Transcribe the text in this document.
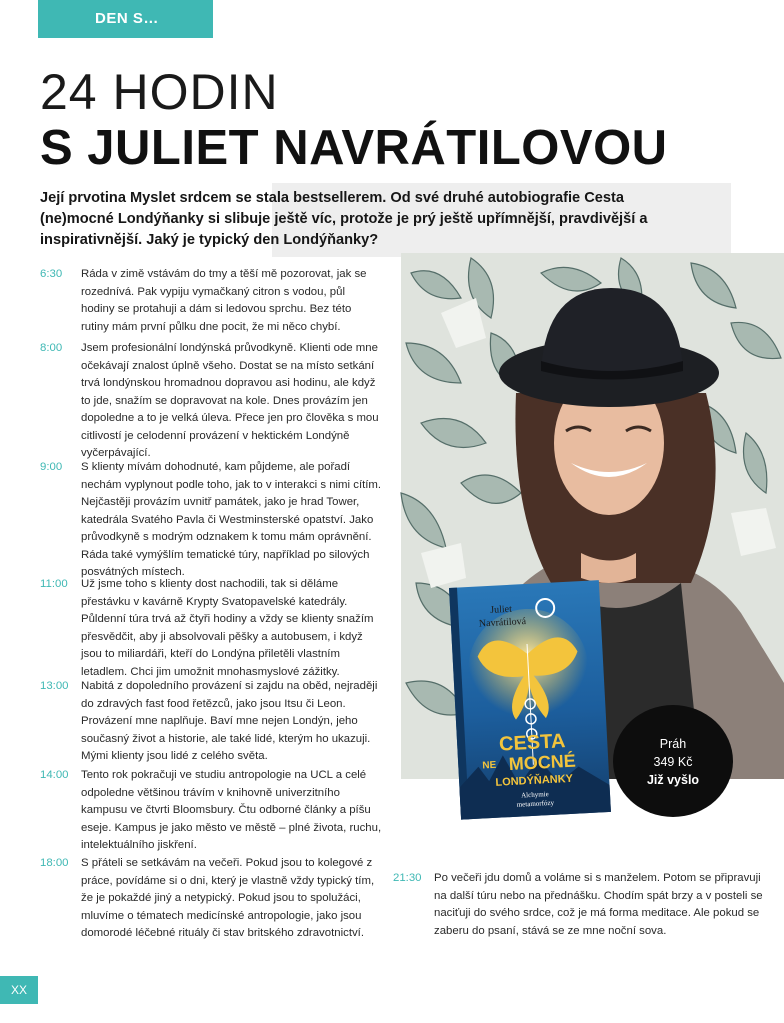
DEN S…
24 HODIN
S JULIET NAVRÁTILOVOU
Její prvotina Myslet srdcem se stala bestsellerem. Od své druhé autobiografie Cesta (ne)mocné Londýňanky si slibuje ještě víc, protože je prý ještě upřímnější, pravdivější a inspirativnější. Jaký je typický den Londýňanky?
6:30 Ráda v zimě vstávám do tmy a těší mě pozorovat, jak se rozednívá. Pak vypiju vymačkaný citron s vodou, půl hodiny se protahuji a dám si ledovou sprchu. Bez této rutiny mám první půlku dne pocit, že mi něco chybí.
8:00 Jsem profesionální londýnská průvodkyně. Klienti ode mne očekávají znalost úplně všeho. Dostat se na místo setkání trvá londýnskou hromadnou dopravou asi hodinu, ale když to jde, snažím se dopravovat na kole. Dnes provázím jen dopoledne a to je velká úleva. Přece jen pro člověka s mou citlivostí je celodenní provázení v hektickém Londýně vyčerpávající.
9:00 S klienty mívám dohodnuté, kam půjdeme, ale pořadí nechám vyplynout podle toho, jak to v interakci s nimi cítím. Nejčastěji provázím uvnitř památek, jako je hrad Tower, katedrála Svatého Pavla či Westminsterské opatství. Jako průvodkyně s modrým odznakem k tomu mám oprávnění. Ráda také vymýšlím tematické túry, například po silových posvátných místech.
11:00 Už jsme toho s klienty dost nachodili, tak si děláme přestávku v kavárně Krypty Svatopavelské katedrály. Půldenní túra trvá až čtyři hodiny a vždy se klienty snažím přesvědčit, aby ji absolvovali pěšky a autobusem, i když jsou to miliardáři, kteří do Londýna přiletěli vlastním letadlem. Chci jim umožnit mnohasmyslové zážitky.
13:00 Nabitá z dopoledního provázení si zajdu na oběd, nejraději do zdravých fast food řetězců, jako jsou Itsu či Leon. Provázení mne naplňuje. Baví mne nejen Londýn, jeho současný život a historie, ale také lidé, kterým ho ukazuji. Mými klienty jsou lidé z celého světa.
14:00 Tento rok pokračuji ve studiu antropologie na UCL a celé odpoledne většinou trávím v knihovně univerzitního kampusu ve čtvrti Bloomsbury. Čtu odborné články a píšu eseje. Kampus je jako město ve městě – plné života, ruchu, intelektuálního jiskření.
18:00 S přáteli se setkávám na večeři. Pokud jsou to kolegové z práce, povídáme si o dni, který je vlastně vždy typický tím, že je pokaždé jiný a netypický. Pokud jsou to spolužáci, mluvíme o tématech medicínské antropologie, jako jsou domorodé léčebné rituály či stav britského zdravotnictví.
21:30 Po večeři jdu domů a voláme si s manželem. Potom se připravuji na další túru nebo na přednášku. Chodím spát brzy a v posteli se naciťuji do svého srdce, což je má forma meditace. Ale pokud se zaberu do psaní, stává se ze mne noční sova.
Juliet
Navrátilová
CESTA
NE MOCNÉ
LONDÝŇANKY
Alchymie
metamorfózy
Práh
349 Kč
Již vyšlo
XX
